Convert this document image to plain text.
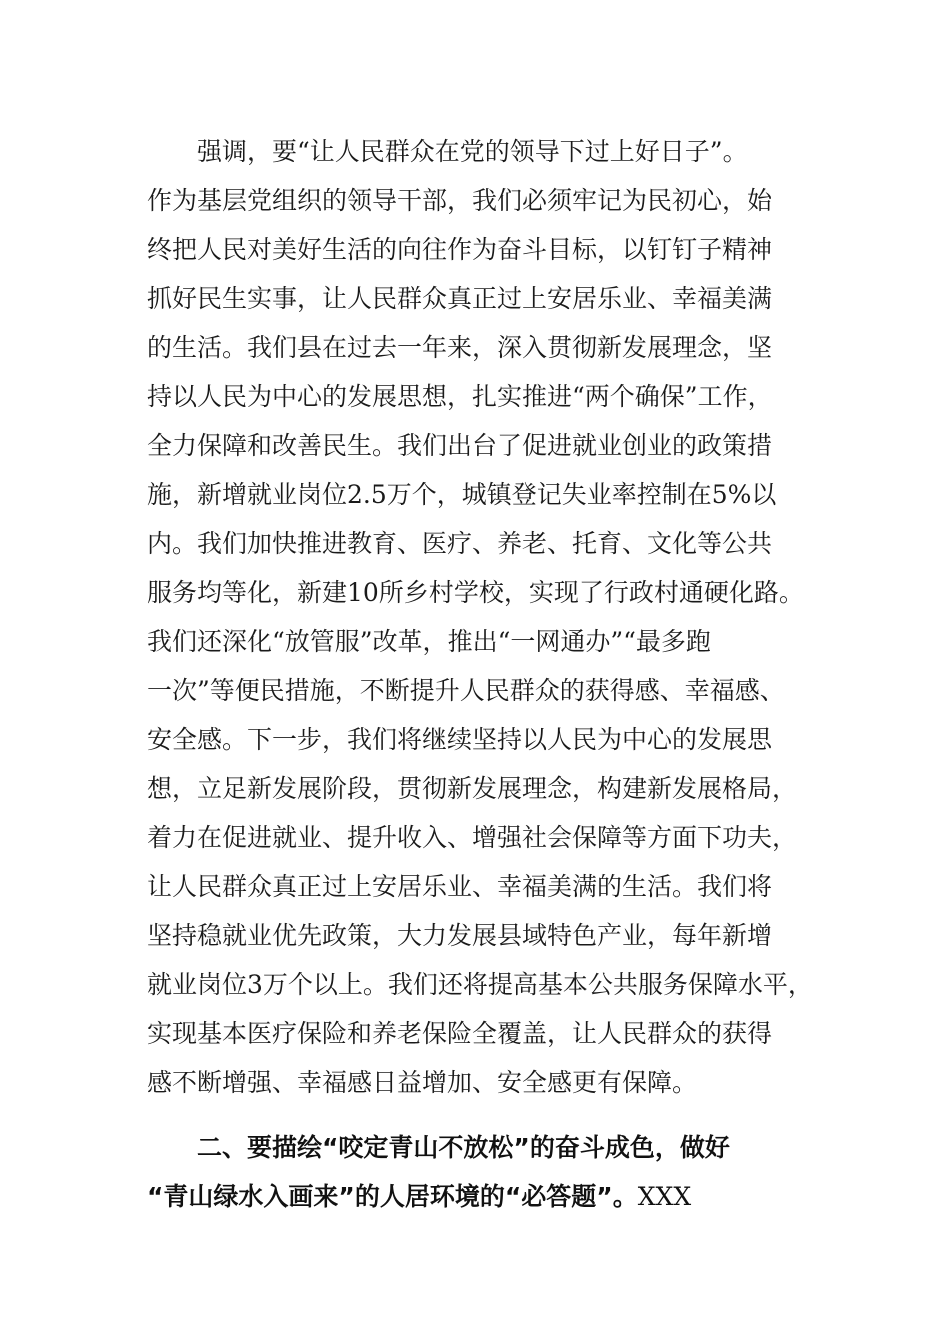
强调，要“让人民群众在党的领导下过上好日子”。
作为基层党组织的领导干部，我们必须牢记为民初心，始
终把人民对美好生活的向往作为奋斗目标，以钉钉子精神
抓好民生实事，让人民群众真正过上安居乐业、幸福美满
的生活。我们县在过去一年来，深入贯彻新发展理念，坚
持以人民为中心的发展思想，扎实推进“两个确保”工作，
全力保障和改善民生。我们出台了促进就业创业的政策措
施，新增就业岗位2.5万个，城镇登记失业率控制在5%以
内。我们加快推进教育、医疗、养老、托育、文化等公共
服务均等化，新建10所乡村学校，实现了行政村通硬化路。
我们还深化“放管服”改革，推出“一网通办”“最多跑
一次”等便民措施，不断提升人民群众的获得感、幸福感、
安全感。下一步，我们将继续坚持以人民为中心的发展思
想，立足新发展阶段，贯彻新发展理念，构建新发展格局，
着力在促进就业、提升收入、增强社会保障等方面下功夫，
让人民群众真正过上安居乐业、幸福美满的生活。我们将
坚持稳就业优先政策，大力发展县域特色产业，每年新增
就业岗位3万个以上。我们还将提高基本公共服务保障水平，
实现基本医疗保险和养老保险全覆盖，让人民群众的获得
感不断增强、幸福感日益增加、安全感更有保障。
二、要描绘“咬定青山不放松”的奋斗成色，做好
“青山绿水入画来”的人居环境的“必答题”。XXX
